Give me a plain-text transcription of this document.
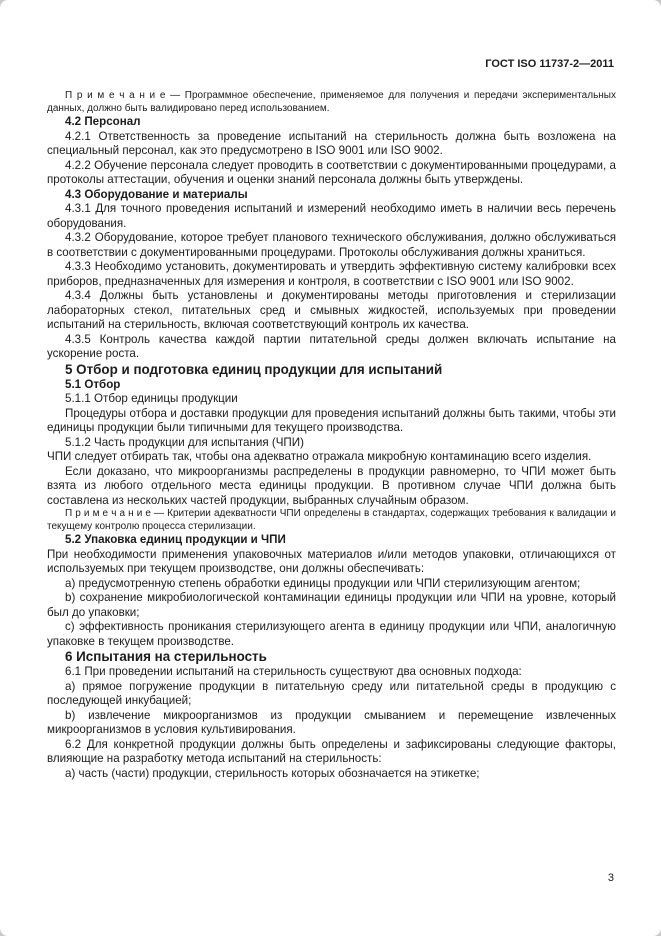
ГОСТ ISO 11737-2—2011

П р и м е ч а н и е — Программное обеспечение, применяемое для получения и передачи экспериментальных данных, должно быть валидировано перед использованием.

4.2 Персонал

4.2.1 Ответственность за проведение испытаний на стерильность должна быть возложена на специальный персонал, как это предусмотрено в ISO 9001 или ISO 9002.

4.2.2 Обучение персонала следует проводить в соответствии с документированными процедурами, а протоколы аттестации, обучения и оценки знаний персонала должны быть утверждены.

4.3 Оборудование и материалы

4.3.1 Для точного проведения испытаний и измерений необходимо иметь в наличии весь перечень оборудования.

4.3.2 Оборудование, которое требует планового технического обслуживания, должно обслуживаться в соответствии с документированными процедурами. Протоколы обслуживания должны храниться.

4.3.3 Необходимо установить, документировать и утвердить эффективную систему калибровки всех приборов, предназначенных для измерения и контроля, в соответствии с ISO 9001 или ISO 9002.

4.3.4 Должны быть установлены и документированы методы приготовления и стерилизации лабораторных стекол, питательных сред и смывных жидкостей, используемых при проведении испытаний на стерильность, включая соответствующий контроль их качества.

4.3.5 Контроль качества каждой партии питательной среды должен включать испытание на ускорение роста.

5 Отбор и подготовка единиц продукции для испытаний

5.1 Отбор

5.1.1 Отбор единицы продукции

Процедуры отбора и доставки продукции для проведения испытаний должны быть такими, чтобы эти единицы продукции были типичными для текущего производства.

5.1.2 Часть продукции для испытания (ЧПИ)

ЧПИ следует отбирать так, чтобы она адекватно отражала микробную контаминацию всего изделия.

Если доказано, что микроорганизмы распределены в продукции равномерно, то ЧПИ может быть взята из любого отдельного места единицы продукции. В противном случае ЧПИ должна быть составлена из нескольких частей продукции, выбранных случайным образом.

П р и м е ч а н и е — Критерии адекватности ЧПИ определены в стандартах, содержащих требования к валидации и текущему контролю процесса стерилизации.

5.2 Упаковка единиц продукции и ЧПИ

При необходимости применения упаковочных материалов и/или методов упаковки, отличающихся от используемых при текущем производстве, они должны обеспечивать:

a) предусмотренную степень обработки единицы продукции или ЧПИ стерилизующим агентом;

b) сохранение микробиологической контаминации единицы продукции или ЧПИ на уровне, который был до упаковки;

c) эффективность проникания стерилизующего агента в единицу продукции или ЧПИ, аналогичную упаковке в текущем производстве.

6 Испытания на стерильность

6.1 При проведении испытаний на стерильность существуют два основных подхода:

a) прямое погружение продукции в питательную среду или питательной среды в продукцию с последующей инкубацией;

b) извлечение микроорганизмов из продукции смыванием и перемещение извлеченных микроорганизмов в условия культивирования.

6.2 Для конкретной продукции должны быть определены и зафиксированы следующие факторы, влияющие на разработку метода испытаний на стерильность:

a) часть (части) продукции, стерильность которых обозначается на этикетке;

3
